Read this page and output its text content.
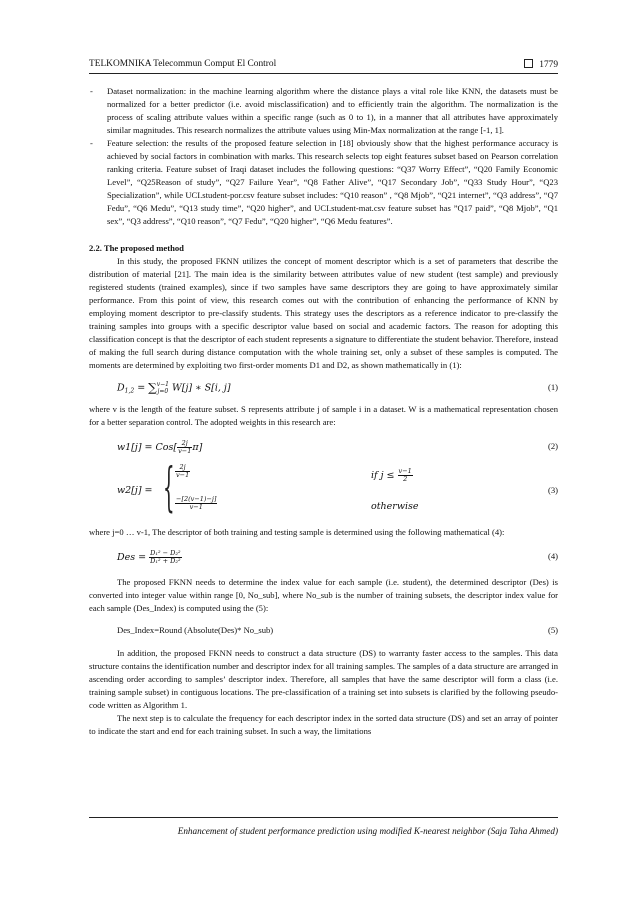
TELKOMNIKA Telecommun Comput El Control	1779
- Dataset normalization: in the machine learning algorithm where the distance plays a vital role like KNN, the datasets must be normalized for a better predictor (i.e. avoid misclassification) and to efficiently train the algorithm. The normalization is the process of scaling attribute values within a specific range (such as 0 to 1), in a manner that all attributes have approximately similar magnitudes. This research normalizes the attribute values using Min-Max normalization at the range [-1, 1].
- Feature selection: the results of the proposed feature selection in [18] obviously show that the highest performance accuracy is achieved by social factors in combination with marks. This research selects top eight features subset based on Pearson correlation ranking criteria. Feature subset of Iraqi dataset includes the following questions: “Q37 Worry Effect”, “Q20 Family Economic Level”, “Q25Reason of study”, “Q27 Failure Year”, “Q8 Father Alive”, “Q17 Secondary Job”, “Q33 Study Hour”, “Q23 Specialization”, while UCI.student-por.csv feature subset includes: “Q10 reason” , “Q8 Mjob”, “Q21 internet”, “Q3 address”, “Q7 Fedu”, “Q6 Medu”, “Q13 study time”, “Q20 higher”, and UCI.student-mat.csv feature subset has ”Q17 paid”, “Q8 Mjob”, “Q1 sex”, “Q3 address”, “Q10 reason”, “Q7 Fedu”, “Q20 higher”, “Q6 Medu features”.

2.2. The proposed method

In this study, the proposed FKNN utilizes the concept of moment descriptor which is a set of parameters that describe the distribution of material [21]. The main idea is the similarity between attributes value of new student (test sample) and previously registered students (trained examples), since if two samples have same descriptors they are going to have approximately similar performance. From this point of view, this research comes out with the contribution of enhancing the performance of KNN by employing moment descriptor to pre-classify students. This strategy uses the descriptors as a reference indicator to pre-classify the training samples into groups with a specific descriptor value based on social and academic factors. The reason for adopting this classification concept is that the descriptor of each student represents a signature to differentiate the student behavior. Therefore, instead of making the full search during distance computation with the whole training set, only a subset of these samples is computed. The moments are determined by exploiting two first-order moments D1 and D2, as shown mathematically in (1):

$D_{1,2}$ = ∑ v−1
j=0 W[j] ∗ S[i, j]	(1)

where v is the length of the feature subset. S represents attribute j of sample i in a dataset. W is a mathematical representation chosen for a better separation control. The adopted weights in this research are:

$w1[j] = Cos[ \frac{2j}{v-1} \pi]$	(2)
w2[j] = { $\frac{2j}{v-1}$
$\frac{-[2(v-1)-j]}{v-1}$
if $j \le \frac{v-1}{2}$
otherwise
(3)

where j=0 … v-1, The descriptor of both training and testing sample is determined using the following mathematical (4):

Des = $\frac{\text{D₁² − D₂²}}{\text{D₁² + D₂²}}$	(4)

The proposed FKNN needs to determine the index value for each sample (i.e. student), the determined descriptor (Des) is converted into integer value within range [0, No_sub], where No_sub is the number of training subsets, the descriptor index value for each sample (Des_Index) is computed using the (5):

Des_Index=Round (Absolute(Des)* No_sub)	(5)

In addition, the proposed FKNN needs to construct a data structure (DS) to warranty faster access to the samples. This data structure contains the identification number and descriptor index for all training samples. The samples of a data structure are arranged in ascending order according to samples’ descriptor index. Therefore, all samples that have the same descriptor will form a class (i.e. training sample subset) in contiguous locations. The pre-classification of a training set into subsets is clarified by the following pseudo-code written as Algorithm 1.

The next step is to calculate the frequency for each descriptor index in the sorted data structure (DS) and set an array of pointer to indicate the start and end for each training subset. In such a way, the limitations

Enhancement of student performance prediction using modified K-nearest neighbor (Saja Taha Ahmed)
